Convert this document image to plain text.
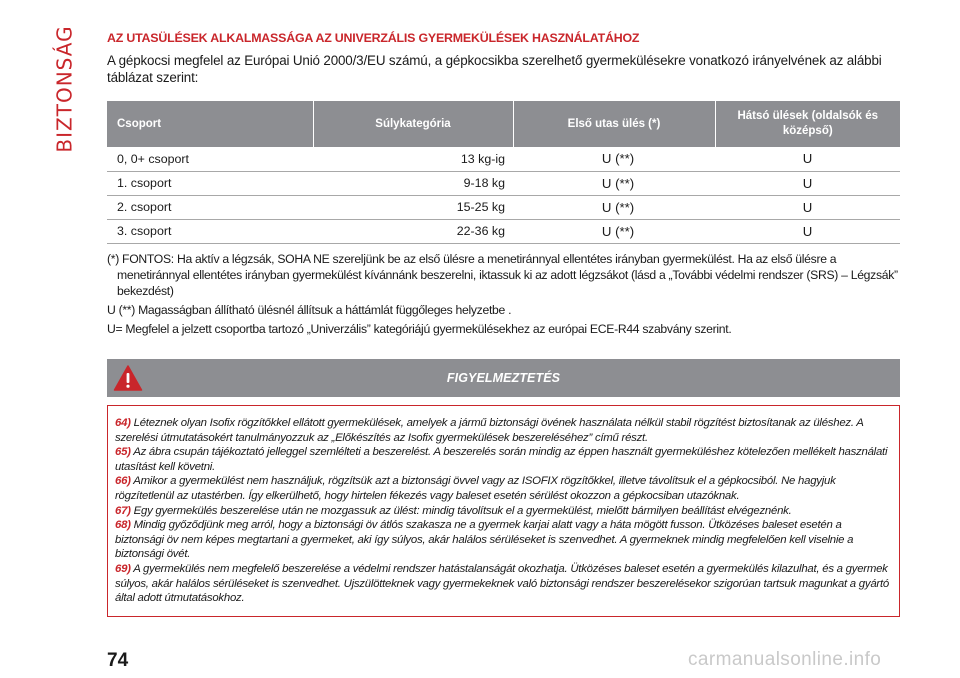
BIZTONSÁG AZ UTASÜLÉSEK ALKALMASSÁGA AZ UNIVERZÁLIS GYERMEKÜLÉSEK HASZNÁLATÁHOZ

A gépkocsi megfelel az Európai Unió 2000/3/EU számú, a gépkocsikba szerelhető gyermekülésekre vonatkozó irányelvének az alábbi táblázat szerint:

Csoport	Súlykategória	Első utas ülés (*)	Hátsó ülések (oldalsók és középső)
0, 0+ csoport	13 kg-ig	U (**)	U
1. csoport	9-18 kg	U (**)	U
2. csoport	15-25 kg	U (**)	U
3. csoport	22-36 kg	U (**)	U

(*) FONTOS: Ha aktív a légzsák, SOHA NE szereljünk be az első ülésre a menetiránnyal ellentétes irányban gyermekülést. Ha az első ülésre a menetiránnyal ellentétes irányban gyermekülést kívánnánk beszerelni, iktassuk ki az adott légzsákot (lásd a „További védelmi rendszer (SRS) – Légzsák” bekezdést)

U (**) Magasságban állítható ülésnél állítsuk a háttámlát függőleges helyzetbe .

U= Megfelel a jelzett csoportba tartozó „Univerzális” kategóriájú gyermekülésekhez az európai ECE-R44 szabvány szerint.

FIGYELMEZTETÉS

64) Léteznek olyan Isofix rögzítőkkel ellátott gyermekülések, amelyek a jármű biztonsági övének használata nélkül stabil rögzítést biztosítanak az üléshez. A szerelési útmutatásokért tanulmányozzuk az „Előkészítés az Isofix gyermekülések beszereléséhez” című részt.

65) Az ábra csupán tájékoztató jelleggel szemlélteti a beszerelést. A beszerelés során mindig az éppen használt gyermeküléshez kötelezően mellékelt használati utasítást kell követni.

66) Amikor a gyermekülést nem használjuk, rögzítsük azt a biztonsági övvel vagy az ISOFIX rögzítőkkel, illetve távolítsuk el a gépkocsiból. Ne hagyjuk rögzítetlenül az utastérben. Így elkerülhető, hogy hirtelen fékezés vagy baleset esetén sérülést okozzon a gépkocsiban utazóknak.

67) Egy gyermekülés beszerelése után ne mozgassuk az ülést: mindig távolítsuk el a gyermekülést, mielőtt bármilyen beállítást elvégeznénk.

68) Mindig győződjünk meg arról, hogy a biztonsági öv átlós szakasza ne a gyermek karjai alatt vagy a háta mögött fusson. Ütközéses baleset esetén a biztonsági öv nem képes megtartani a gyermeket, aki így súlyos, akár halálos sérüléseket is szenvedhet. A gyermeknek mindig megfelelően kell viselnie a biztonsági övét.

69) A gyermekülés nem megfelelő beszerelése a védelmi rendszer hatástalanságát okozhatja. Ütközéses baleset esetén a gyermekülés kilazulhat, és a gyermek súlyos, akár halálos sérüléseket is szenvedhet. Ujszülötteknek vagy gyermekeknek való biztonsági rendszer beszerelésekor szigorúan tartsuk magunkat a gyártó által adott útmutatásokhoz.

74	carmanualsonline.info
